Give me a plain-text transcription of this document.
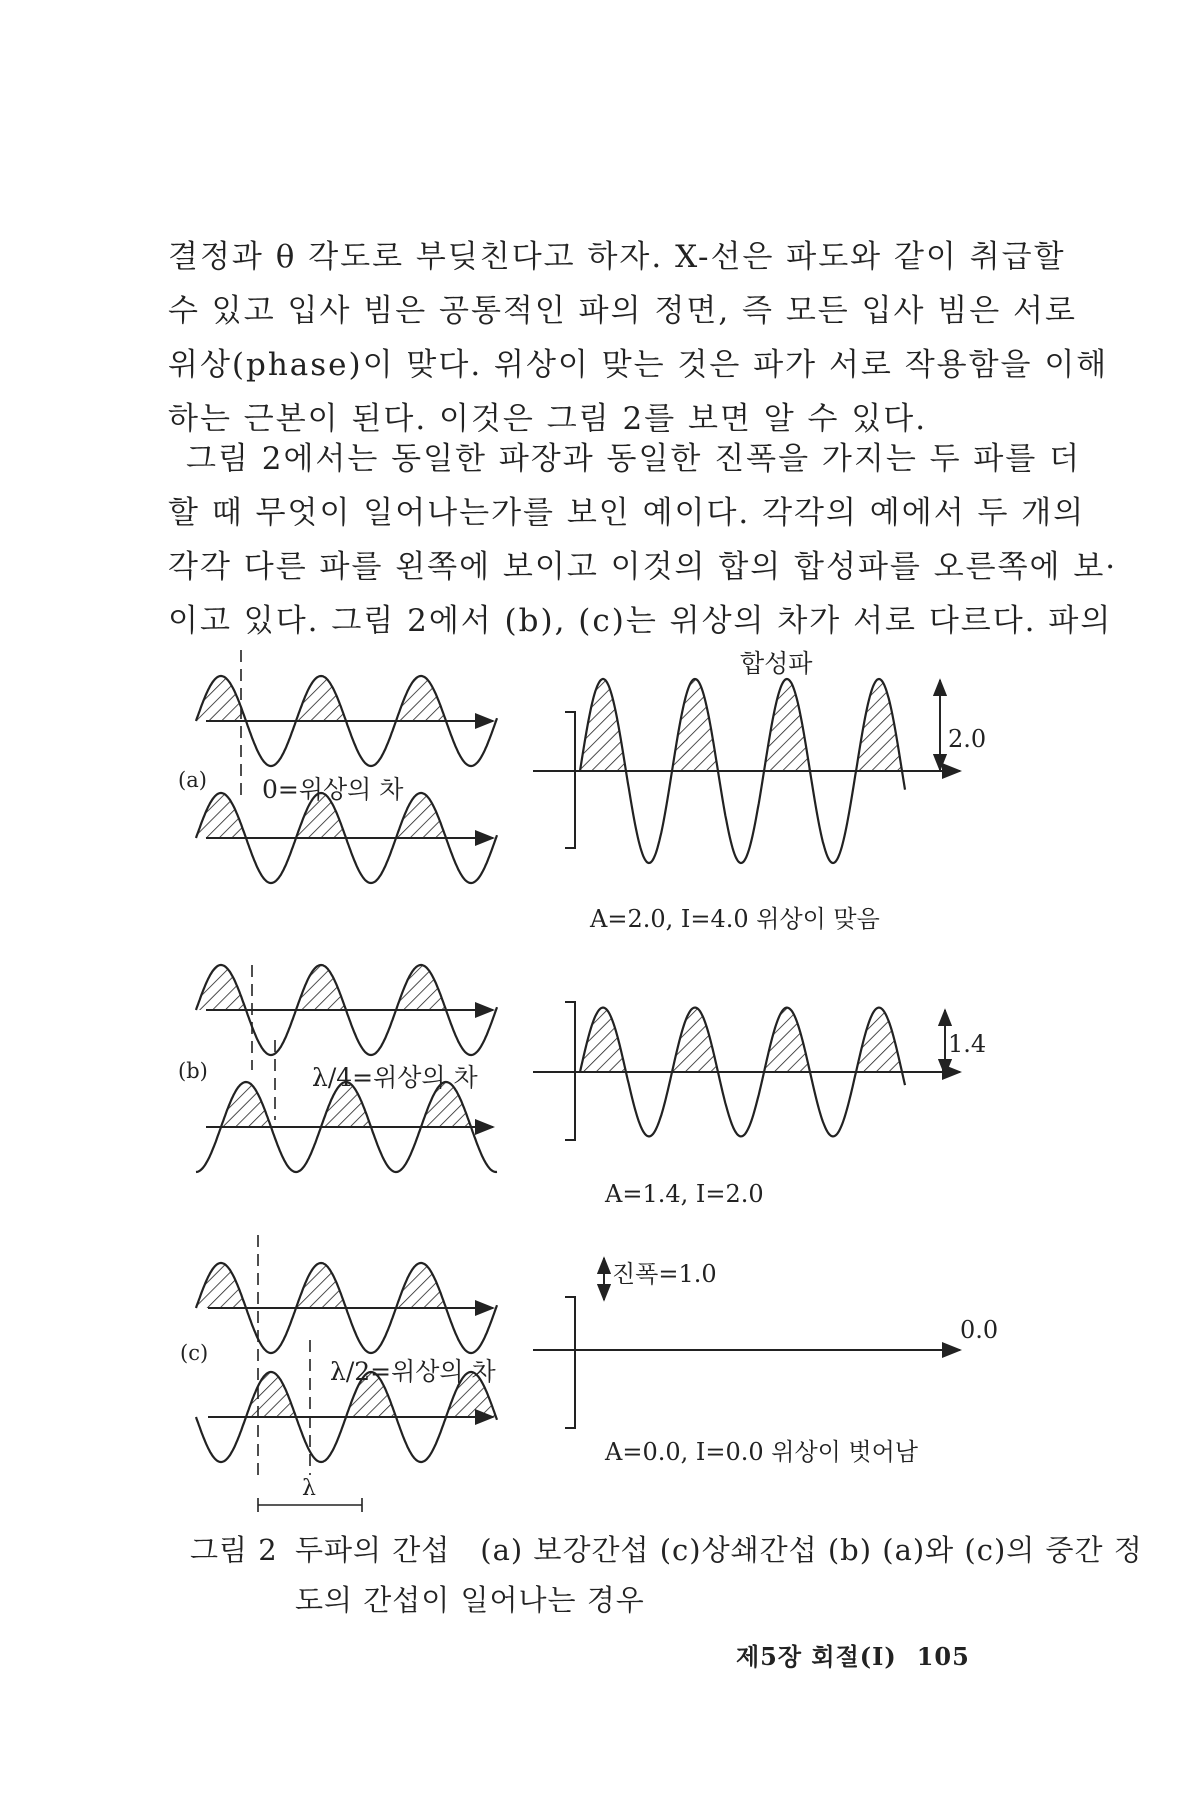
결정과 θ 각도로 부딪친다고 하자. X-선은 파도와 같이 취급할
수 있고 입사 빔은 공통적인 파의 정면, 즉 모든 입사 빔은 서로
위상(phase)이 맞다. 위상이 맞는 것은 파가 서로 작용함을 이해
하는 근본이 된다. 이것은 그림 2를 보면 알 수 있다.
그림 2에서는 동일한 파장과 동일한 진폭을 가지는 두 파를 더
할 때 무엇이 일어나는가를 보인 예이다. 각각의 예에서 두 개의
각각 다른 파를 왼쪽에 보이고 이것의 합의 합성파를 오른쪽에 보·
이고 있다. 그림 2에서 (b), (c)는 위상의 차가 서로 다르다. 파의
합성파
(a) 0=위상의 차
2.0
A=2.0, I=4.0 위상이 맞음
(b)	λ/4=위상의 차
1.4
A=1.4, I=2.0
(c)
λ/2=위상의 차
진폭=1.0
0.0
A=0.0, I=0.0 위상이 벗어남
λ
그림 2 두파의 간섭 (a) 보강간섭 (c)상쇄간섭 (b) (a)와 (c)의 중간 정
도의 간섭이 일어나는 경우
제5장 회절(Ⅰ) 105
